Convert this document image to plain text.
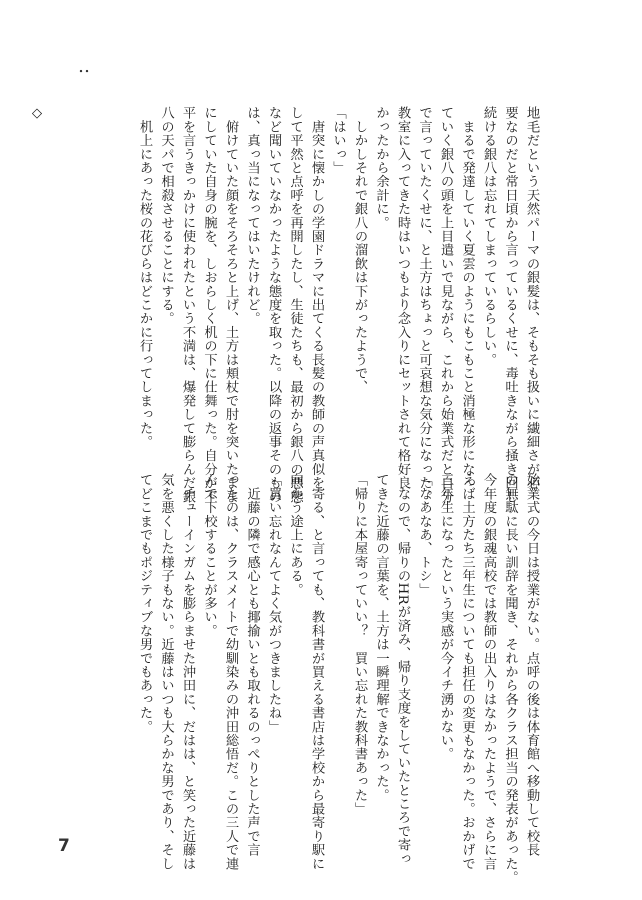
‥

地毛だという天然パーマの銀髪は、そもそも扱いに繊細さが必

要なのだと常日頃から言っているくせに、毒吐きながら掻き回し

続ける銀八は忘れてしまっているらしい。

　まるで発達していく夏雲のようにもこもこと消極な形になっ

ていく銀八の頭を上目遣いで見ながら、これから始業式だと自分

で言っていたくせに、と土方はちょっと可哀想な気分になった。

教室に入ってきた時はいつもより念入りにセットされて格好良

かったから余計に。

　しかしそれで銀八の溜飲は下がったようで、

「はいっ」

　唐突に懐かしの学園ドラマに出てくる長髪の教師の声真似を

して平然と点呼を再開したし、生徒たちも、最初から銀八の悪態

など聞いていなかったような態度を取った。以降の返事そのもの

は、真っ当になってはいたけれど。

　俯けていた顔をそろそろと上げ、土方は頬杖で肘を突いたまま

にしていた自身の腕を、しおらしく机の下に仕舞った。自分が不

平を言うきっかけに使われたという不満は、爆発して膨らんだ銀

八の天パで相殺させることにする。

　机上にあった桜の花びらはどこかに行ってしまった。

◇

始業式の今日は授業がない。点呼の後は体育館へ移動して校長

の無駄に長い訓辞を聞き、それから各クラス担当の発表があった。

今年度の銀魂高校では教師の出入りはなかったようで、さらに言

えば土方たち三年生についても担任の変更もなかった。おかげで

三年生になったという実感が今イチ湧かない。

「なあなあ、トシ」

　なので、帰りのHRが済み、帰り支度をしていたところで寄っ

てきた近藤の言葉を、土方は一瞬理解できなかった。

「帰りに本屋寄っていい？　買い忘れた教科書あった」

　寄る、と言っても、教科書が買える書店は学校から最寄り駅に

向かう途上にある。

「買い忘れなんてよく気がつきましたね」

　近藤の隣で感心とも揶揄いとも取れるのっぺりとした声で言

ったのは、クラスメイトで幼馴染みの沖田総悟だ。この三人で連

んで下校することが多い。

　チューインガムを膨らませた沖田に、だはは、と笑った近藤は

気を悪くした様子もない。近藤はいつも大らかな男であり、そし

てどこまでもポジティブな男でもあった。

7
